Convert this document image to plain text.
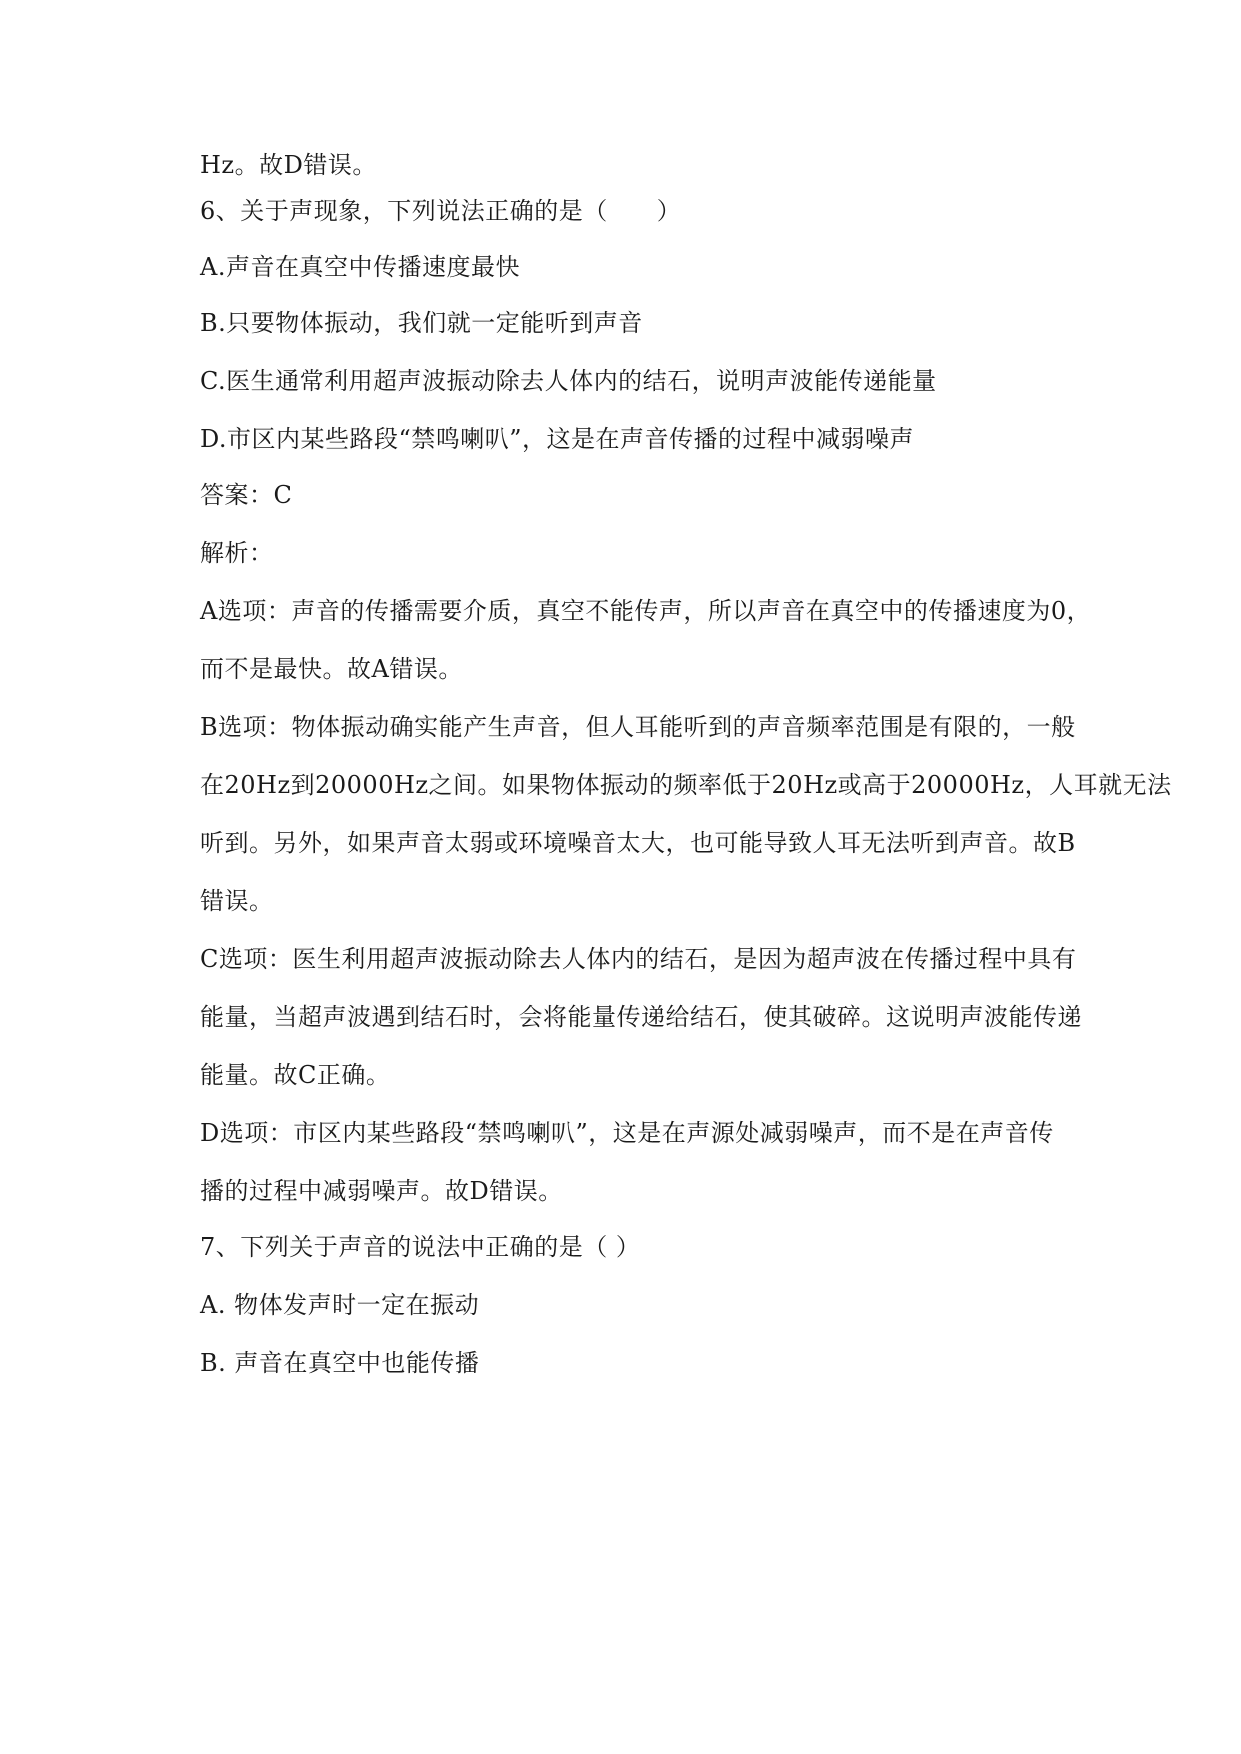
Hz。故D错误。
6、关于声现象，下列说法正确的是（　　）
A.声音在真空中传播速度最快
B.只要物体振动，我们就一定能听到声音
C.医生通常利用超声波振动除去人体内的结石，说明声波能传递能量
D.市区内某些路段“禁鸣喇叭”，这是在声音传播的过程中减弱噪声
答案：C
解析：
A选项：声音的传播需要介质，真空不能传声，所以声音在真空中的传播速度为0，
而不是最快。故A错误。
B选项：物体振动确实能产生声音，但人耳能听到的声音频率范围是有限的，一般
在20Hz到20000Hz之间。如果物体振动的频率低于20Hz或高于20000Hz，人耳就无法
听到。另外，如果声音太弱或环境噪音太大，也可能导致人耳无法听到声音。故B
错误。
C选项：医生利用超声波振动除去人体内的结石，是因为超声波在传播过程中具有
能量，当超声波遇到结石时，会将能量传递给结石，使其破碎。这说明声波能传递
能量。故C正确。
D选项：市区内某些路段“禁鸣喇叭”，这是在声源处减弱噪声，而不是在声音传
播的过程中减弱噪声。故D错误。
7、下列关于声音的说法中正确的是（ ）
A. 物体发声时一定在振动
B. 声音在真空中也能传播
